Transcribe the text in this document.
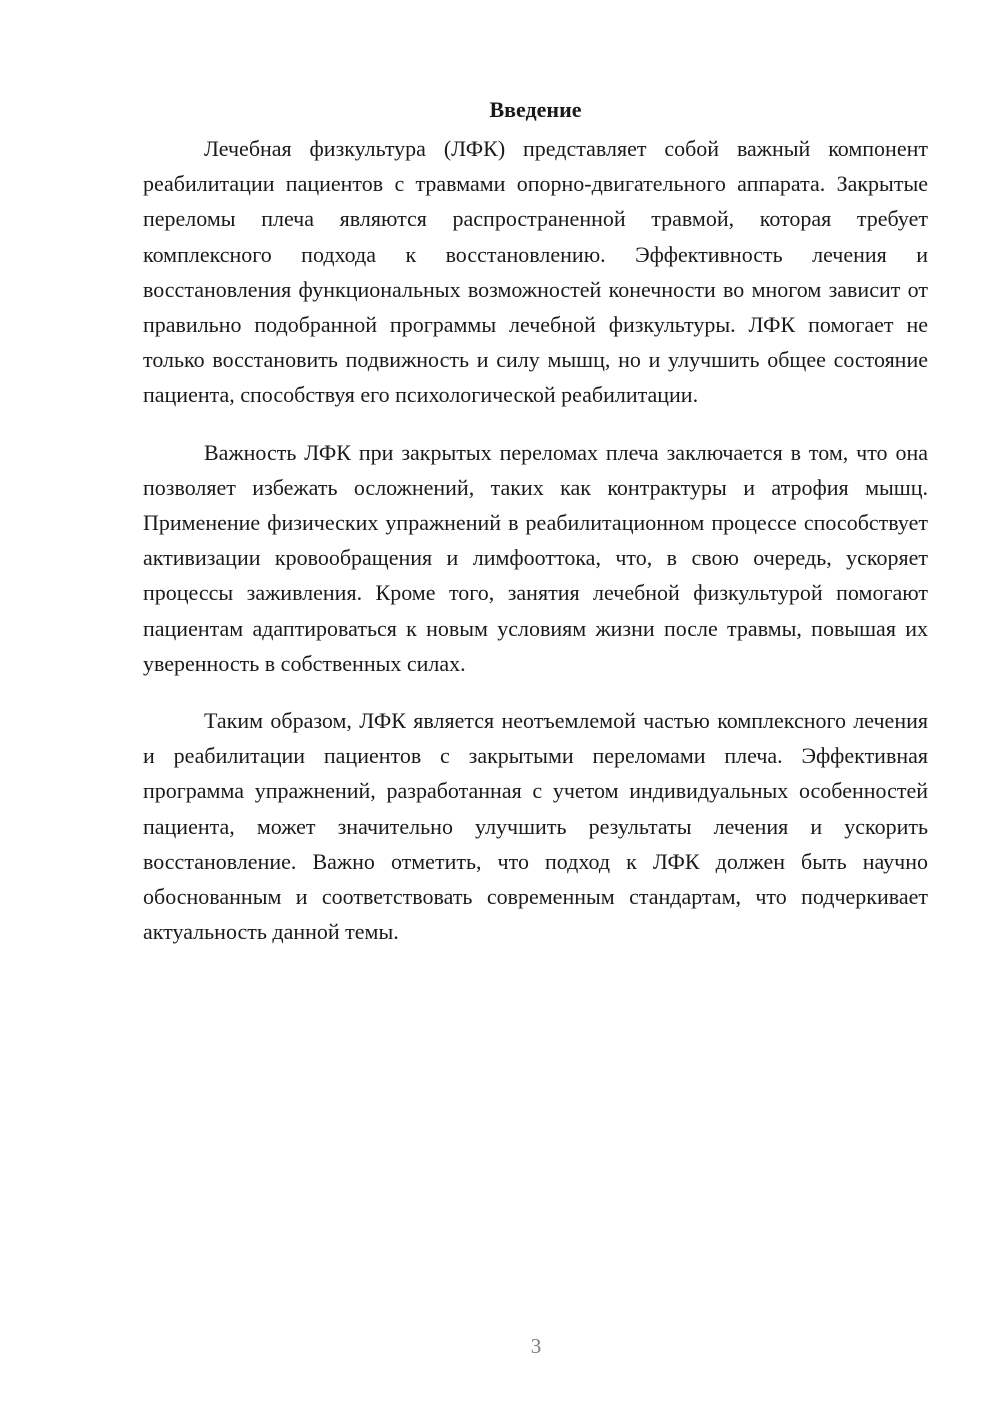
Введение

Лечебная физкультура (ЛФК) представляет собой важный компонент реабилитации пациентов с травмами опорно-двигательного аппарата. Закрытые переломы плеча являются распространенной травмой, которая требует комплексного подхода к восстановлению. Эффективность лечения и восстановления функциональных возможностей конечности во многом зависит от правильно подобранной программы лечебной физкультуры. ЛФК помогает не только восстановить подвижность и силу мышц, но и улучшить общее состояние пациента, способствуя его психологической реабилитации.

Важность ЛФК при закрытых переломах плеча заключается в том, что она позволяет избежать осложнений, таких как контрактуры и атрофия мышц. Применение физических упражнений в реабилитационном процессе способствует активизации кровообращения и лимфооттока, что, в свою очередь, ускоряет процессы заживления. Кроме того, занятия лечебной физкультурой помогают пациентам адаптироваться к новым условиям жизни после травмы, повышая их уверенность в собственных силах.

Таким образом, ЛФК является неотъемлемой частью комплексного лечения и реабилитации пациентов с закрытыми переломами плеча. Эффективная программа упражнений, разработанная с учетом индивидуальных особенностей пациента, может значительно улучшить результаты лечения и ускорить восстановление. Важно отметить, что подход к ЛФК должен быть научно обоснованным и соответствовать современным стандартам, что подчеркивает актуальность данной темы.

3
